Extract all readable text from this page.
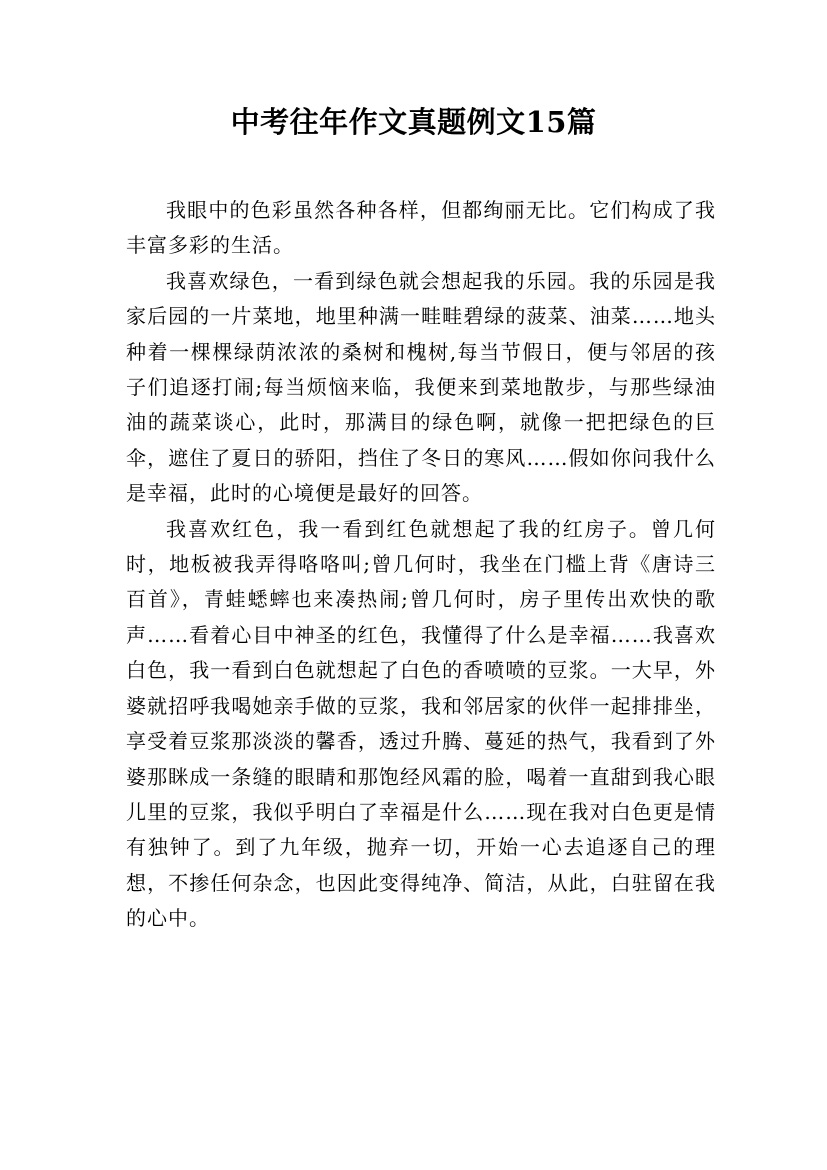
中考往年作文真题例文15篇

我眼中的色彩虽然各种各样，但都绚丽无比。它们构成了我丰富多彩的生活。

我喜欢绿色，一看到绿色就会想起我的乐园。我的乐园是我家后园的一片菜地，地里种满一畦畦碧绿的菠菜、油菜……地头种着一棵棵绿荫浓浓的桑树和槐树,每当节假日，便与邻居的孩子们追逐打闹;每当烦恼来临，我便来到菜地散步，与那些绿油油的蔬菜谈心，此时，那满目的绿色啊，就像一把把绿色的巨伞，遮住了夏日的骄阳，挡住了冬日的寒风……假如你问我什么是幸福，此时的心境便是最好的回答。

我喜欢红色，我一看到红色就想起了我的红房子。曾几何时，地板被我弄得咯咯叫;曾几何时，我坐在门槛上背《唐诗三百首》，青蛙蟋蟀也来凑热闹;曾几何时，房子里传出欢快的歌声……看着心目中神圣的红色，我懂得了什么是幸福……我喜欢白色，我一看到白色就想起了白色的香喷喷的豆浆。一大早，外婆就招呼我喝她亲手做的豆浆，我和邻居家的伙伴一起排排坐，享受着豆浆那淡淡的馨香，透过升腾、蔓延的热气，我看到了外婆那眯成一条缝的眼睛和那饱经风霜的脸，喝着一直甜到我心眼儿里的豆浆，我似乎明白了幸福是什么……现在我对白色更是情有独钟了。到了九年级，抛弃一切，开始一心去追逐自己的理想，不掺任何杂念，也因此变得纯净、简洁，从此，白驻留在我的心中。
